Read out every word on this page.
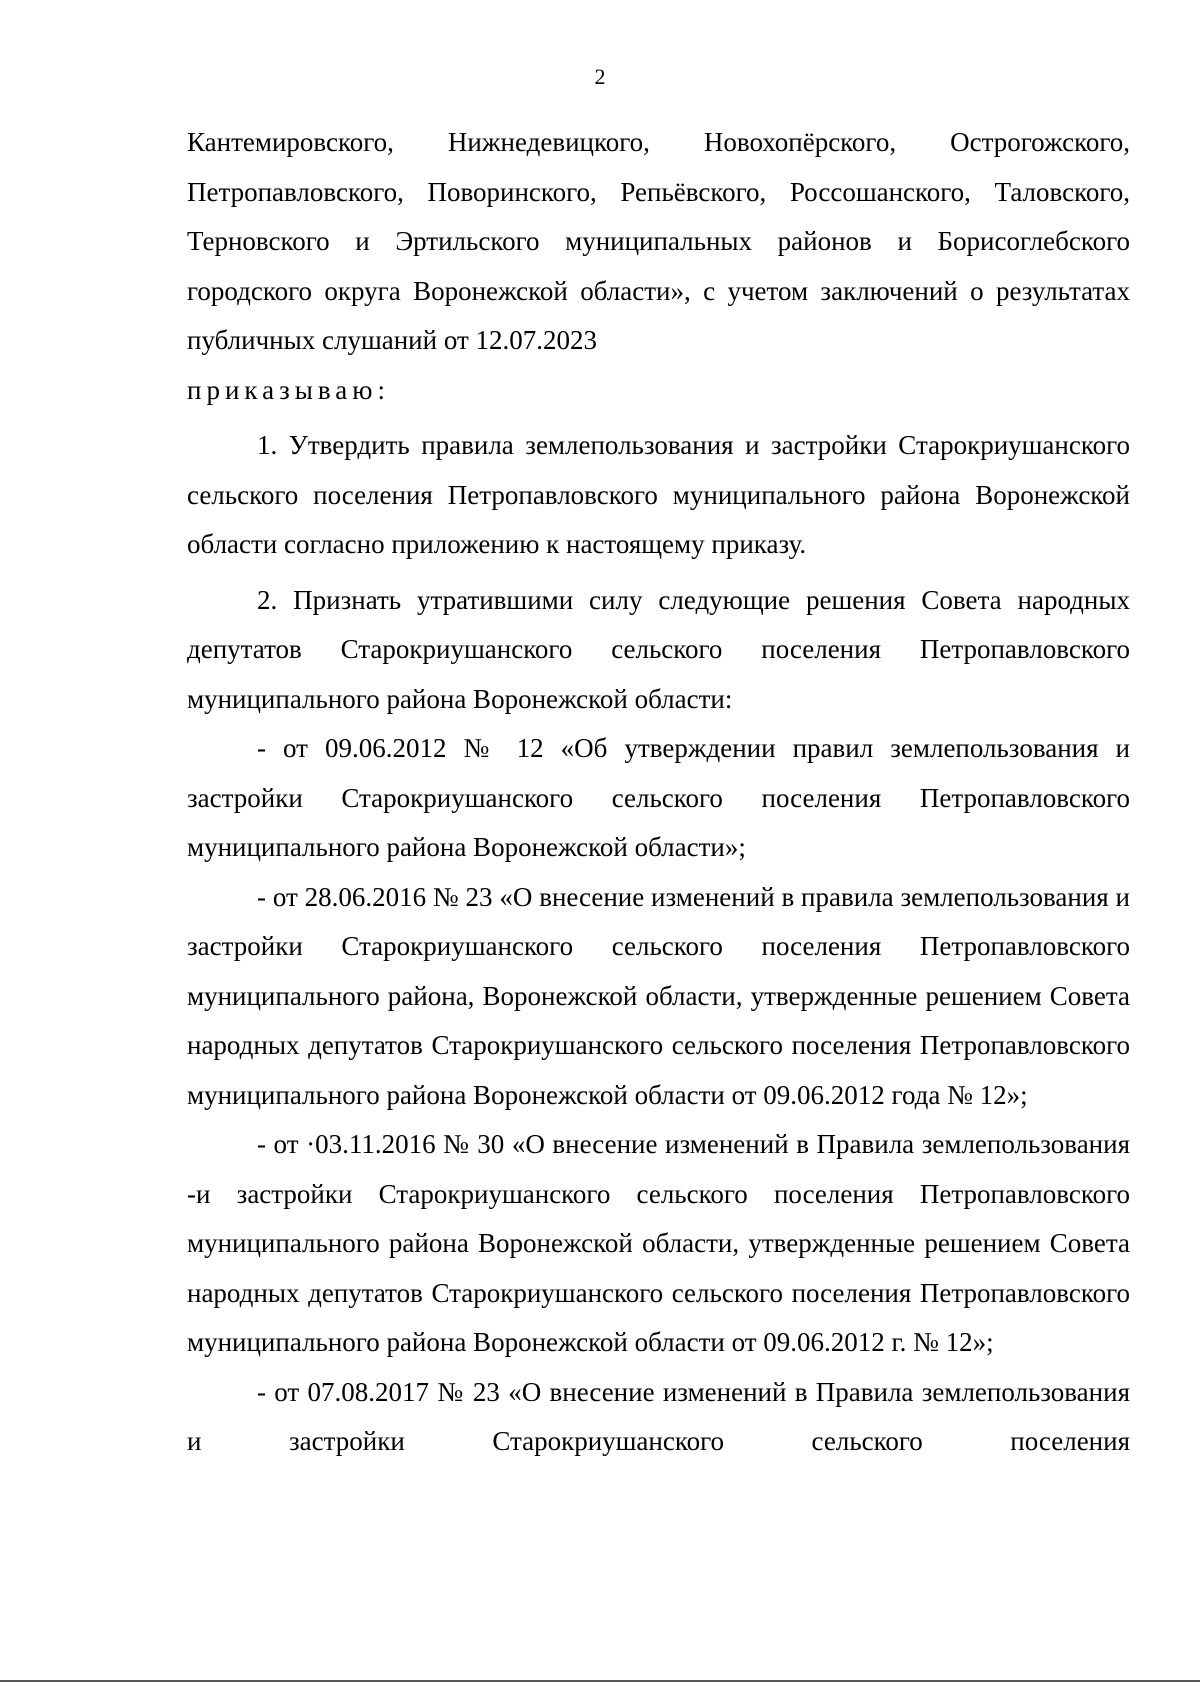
2

Кантемировского, Нижнедевицкого, Новохопёрского, Острогожского, Петропавловского, Поворинского, Репьёвского, Россошанского, Таловского, Терновского и Эртильского муниципальных районов и Борисоглебского городского округа Воронежской области», с учетом заключений о результатах публичных слушаний от 12.07.2023

приказываю:

1. Утвердить правила землепользования и застройки Старокриушанского сельского поселения Петропавловского муниципального района Воронежской области согласно приложению к настоящему приказу.

2. Признать утратившими силу следующие решения Совета народных депутатов Старокриушанского сельского поселения Петропавловского муниципального района Воронежской области:

- от 09.06.2012 № 12 «Об утверждении правил землепользования и застройки Старокриушанского сельского поселения Петропавловского муниципального района Воронежской области»;

- от 28.06.2016 № 23 «О внесение изменений в правила землепользования и застройки Старокриушанского сельского поселения Петропавловского муниципального района, Воронежской области, утвержденные решением Совета народных депутатов Старокриушанского сельского поселения Петропавловского муниципального района Воронежской области от 09.06.2012 года № 12»;

- от ·03.11.2016 № 30 «О внесение изменений в Правила землепользования -и застройки Старокриушанского сельского поселения Петропавловского муниципального района Воронежской области, утвержденные решением Совета народных депутатов Старокриушанского сельского поселения Петропавловского муниципального района Воронежской области от 09.06.2012 г. № 12»;

- от 07.08.2017 № 23 «О внесение изменений в Правила землепользования и застройки Старокриушанского сельского поселения
